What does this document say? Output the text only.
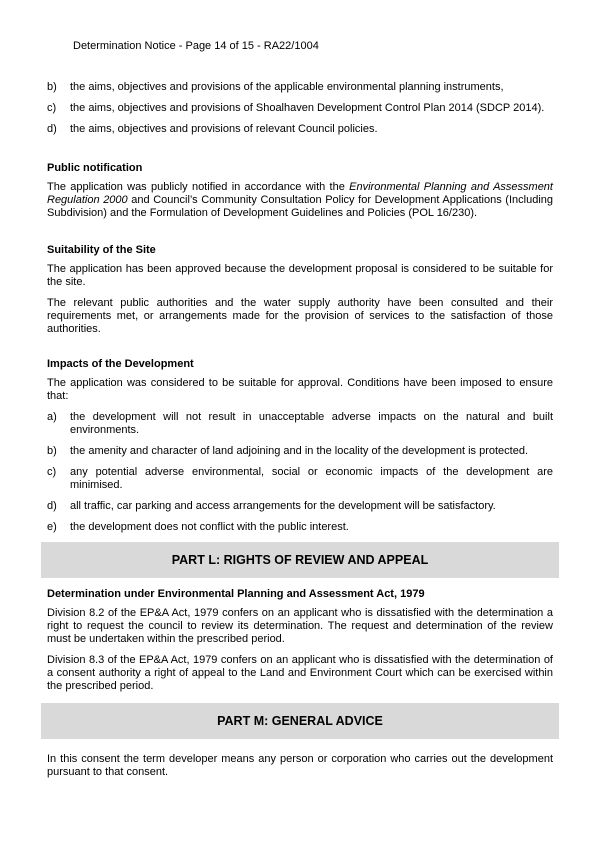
Determination Notice - Page 14 of 15 - RA22/1004
b) the aims, objectives and provisions of the applicable environmental planning instruments,
c) the aims, objectives and provisions of Shoalhaven Development Control Plan 2014 (SDCP 2014).
d) the aims, objectives and provisions of relevant Council policies.
Public notification

The application was publicly notified in accordance with the Environmental Planning and Assessment Regulation 2000 and Council’s Community Consultation Policy for Development Applications (Including Subdivision) and the Formulation of Development Guidelines and Policies (POL 16/230).

Suitability of the Site

The application has been approved because the development proposal is considered to be suitable for the site.

The relevant public authorities and the water supply authority have been consulted and their requirements met, or arrangements made for the provision of services to the satisfaction of those authorities.

Impacts of the Development

The application was considered to be suitable for approval. Conditions have been imposed to ensure that:

a) the development will not result in unacceptable adverse impacts on the natural and built environments.
b) the amenity and character of land adjoining and in the locality of the development is protected.
c) any potential adverse environmental, social or economic impacts of the development are minimised.
d) all traffic, car parking and access arrangements for the development will be satisfactory.
e) the development does not conflict with the public interest.
PART L: RIGHTS OF REVIEW AND APPEAL
Determination under Environmental Planning and Assessment Act, 1979

Division 8.2 of the EP&A Act, 1979 confers on an applicant who is dissatisfied with the determination a right to request the council to review its determination. The request and determination of the review must be undertaken within the prescribed period.

Division 8.3 of the EP&A Act, 1979 confers on an applicant who is dissatisfied with the determination of a consent authority a right of appeal to the Land and Environment Court which can be exercised within the prescribed period.

PART M: GENERAL ADVICE

In this consent the term developer means any person or corporation who carries out the development pursuant to that consent.
